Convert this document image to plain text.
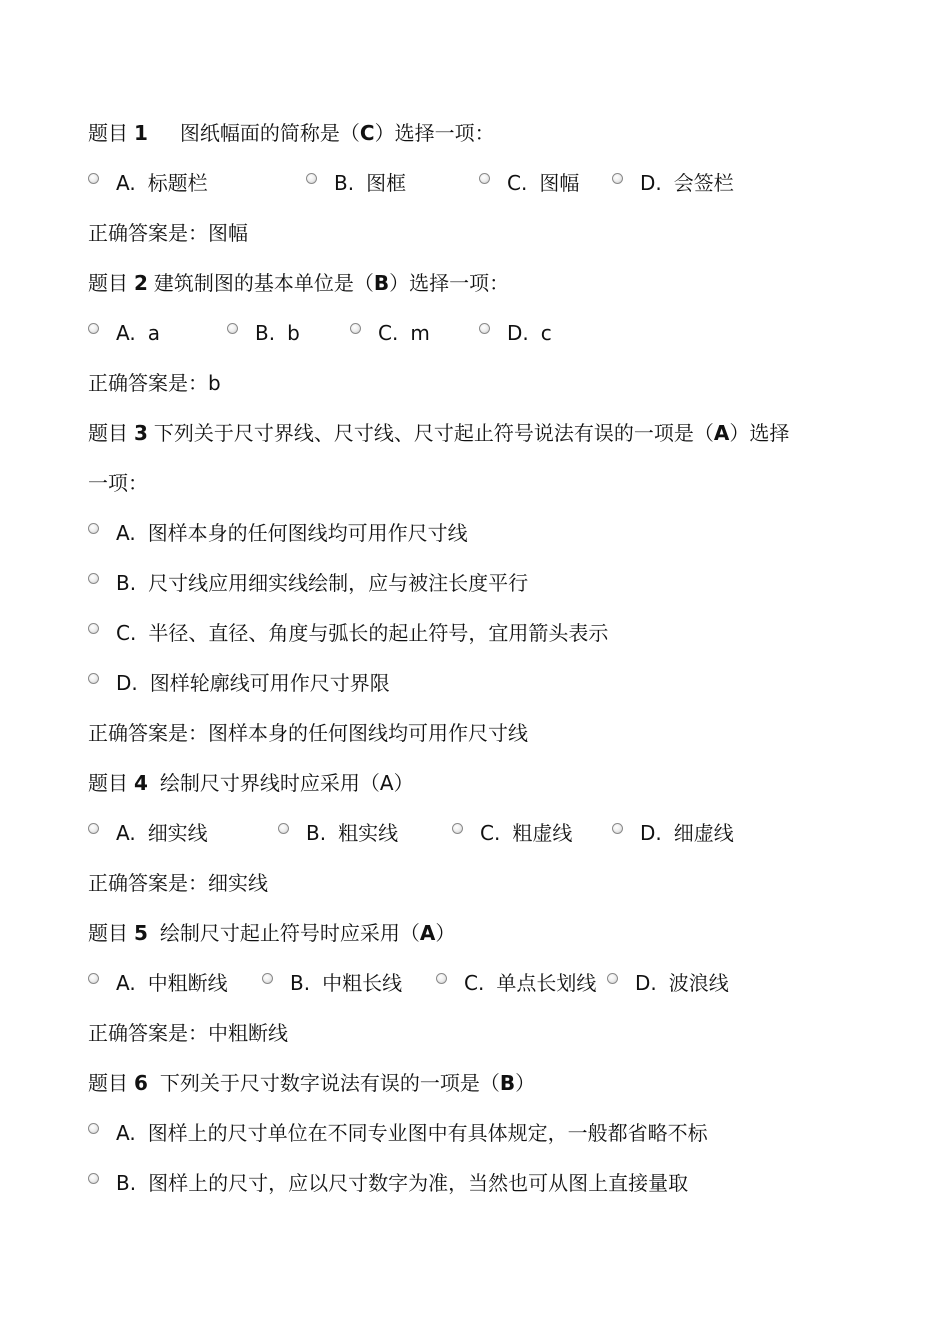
题目 1 图纸幅面的简称是（C）选择一项：
A. 标题栏	B. 图框	C. 图幅	D. 会签栏
正确答案是：图幅
题目 2 建筑制图的基本单位是（B）选择一项：
A. a	B. b	C. m	D. c
正确答案是：b
题目 3 下列关于尺寸界线、尺寸线、尺寸起止符号说法有误的一项是（A）选择
一项：
A. 图样本身的任何图线均可用作尺寸线
B. 尺寸线应用细实线绘制，应与被注长度平行
C. 半径、直径、角度与弧长的起止符号，宜用箭头表示
D. 图样轮廓线可用作尺寸界限
正确答案是：图样本身的任何图线均可用作尺寸线
题目 4 绘制尺寸界线时应采用（A）
A. 细实线	B. 粗实线	C. 粗虚线	D. 细虚线
正确答案是：细实线
题目 5 绘制尺寸起止符号时应采用（A）
A. 中粗断线	B. 中粗长线	C. 单点长划线 D. 波浪线
正确答案是：中粗断线
题目 6 下列关于尺寸数字说法有误的一项是（B）
A. 图样上的尺寸单位在不同专业图中有具体规定，一般都省略不标
B. 图样上的尺寸，应以尺寸数字为准，当然也可从图上直接量取
